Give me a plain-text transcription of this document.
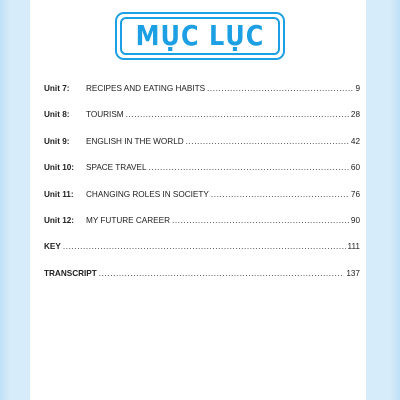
MỤC LỤC
Unit 7:	RECIPES AND EATING HABITS .....	9
Unit 8:	TOURISM .....	28
Unit 9:	ENGLISH IN THE WORLD .....	42
Unit 10:	SPACE TRAVEL .....	60
Unit 11:	CHANGING ROLES IN SOCIETY .....	76
Unit 12:	MY FUTURE CAREER .....	90
KEY .....	111
TRANSCRIPT .....	137
